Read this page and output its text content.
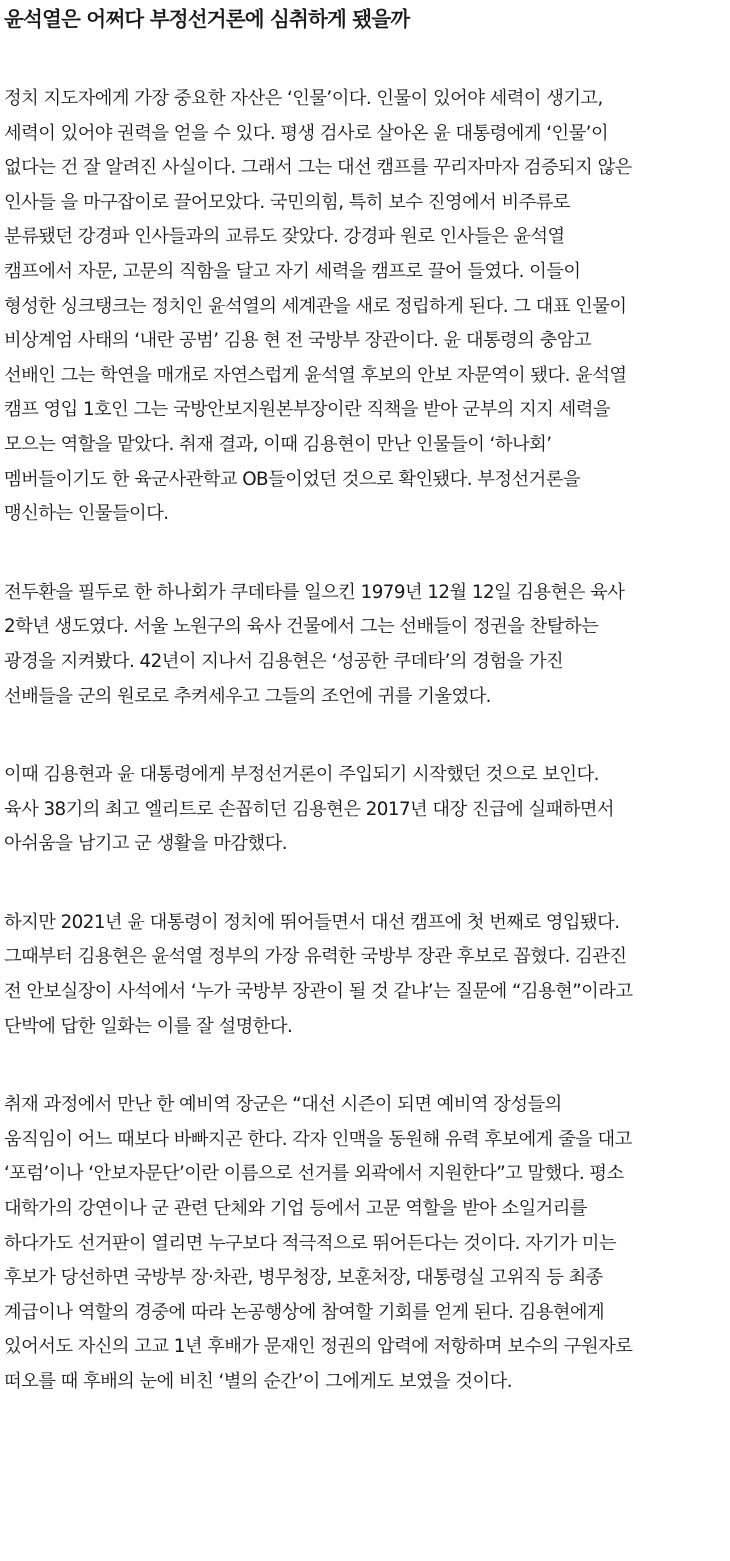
윤석열은 어쩌다 부정선거론에 심취하게 됐을까

정치 지도자에게 가장 중요한 자산은 ‘인물’이다. 인물이 있어야 세력이 생기고,
세력이 있어야 권력을 얻을 수 있다. 평생 검사로 살아온 윤 대통령에게 ‘인물’이
없다는 건 잘 알려진 사실이다. 그래서 그는 대선 캠프를 꾸리자마자 검증되지 않은
인사들 을 마구잡이로 끌어모았다. 국민의힘, 특히 보수 진영에서 비주류로
분류됐던 강경파 인사들과의 교류도 잦았다. 강경파 원로 인사들은 윤석열
캠프에서 자문, 고문의 직함을 달고 자기 세력을 캠프로 끌어 들였다. 이들이
형성한 싱크탱크는 정치인 윤석열의 세계관을 새로 정립하게 된다. 그 대표 인물이
비상계엄 사태의 ‘내란 공범’ 김용 현 전 국방부 장관이다. 윤 대통령의 충암고
선배인 그는 학연을 매개로 자연스럽게 윤석열 후보의 안보 자문역이 됐다. 윤석열
캠프 영입 1호인 그는 국방안보지원본부장이란 직책을 받아 군부의 지지 세력을
모으는 역할을 맡았다. 취재 결과, 이때 김용현이 만난 인물들이 ‘하나회’
멤버들이기도 한 육군사관학교 OB들이었던 것으로 확인됐다. 부정선거론을
맹신하는 인물들이다.

전두환을 필두로 한 하나회가 쿠데타를 일으킨 1979년 12월 12일 김용현은 육사
2학년 생도였다. 서울 노원구의 육사 건물에서 그는 선배들이 정권을 찬탈하는
광경을 지켜봤다. 42년이 지나서 김용현은 ‘성공한 쿠데타’의 경험을 가진
선배들을 군의 원로로 추켜세우고 그들의 조언에 귀를 기울였다.

이때 김용현과 윤 대통령에게 부정선거론이 주입되기 시작했던 것으로 보인다.
육사 38기의 최고 엘리트로 손꼽히던 김용현은 2017년 대장 진급에 실패하면서
아쉬움을 남기고 군 생활을 마감했다.

하지만 2021년 윤 대통령이 정치에 뛰어들면서 대선 캠프에 첫 번째로 영입됐다.
그때부터 김용현은 윤석열 정부의 가장 유력한 국방부 장관 후보로 꼽혔다. 김관진
전 안보실장이 사석에서 ‘누가 국방부 장관이 될 것 같냐’는 질문에 “김용현”이라고
단박에 답한 일화는 이를 잘 설명한다.

취재 과정에서 만난 한 예비역 장군은 “대선 시즌이 되면 예비역 장성들의
움직임이 어느 때보다 바빠지곤 한다. 각자 인맥을 동원해 유력 후보에게 줄을 대고
‘포럼’이나 ‘안보자문단’이란 이름으로 선거를 외곽에서 지원한다”고 말했다. 평소
대학가의 강연이나 군 관련 단체와 기업 등에서 고문 역할을 받아 소일거리를
하다가도 선거판이 열리면 누구보다 적극적으로 뛰어든다는 것이다. 자기가 미는
후보가 당선하면 국방부 장·차관, 병무청장, 보훈처장, 대통령실 고위직 등 최종
계급이나 역할의 경중에 따라 논공행상에 참여할 기회를 얻게 된다. 김용현에게
있어서도 자신의 고교 1년 후배가 문재인 정권의 압력에 저항하며 보수의 구원자로
떠오를 때 후배의 눈에 비친 ‘별의 순간’이 그에게도 보였을 것이다.
